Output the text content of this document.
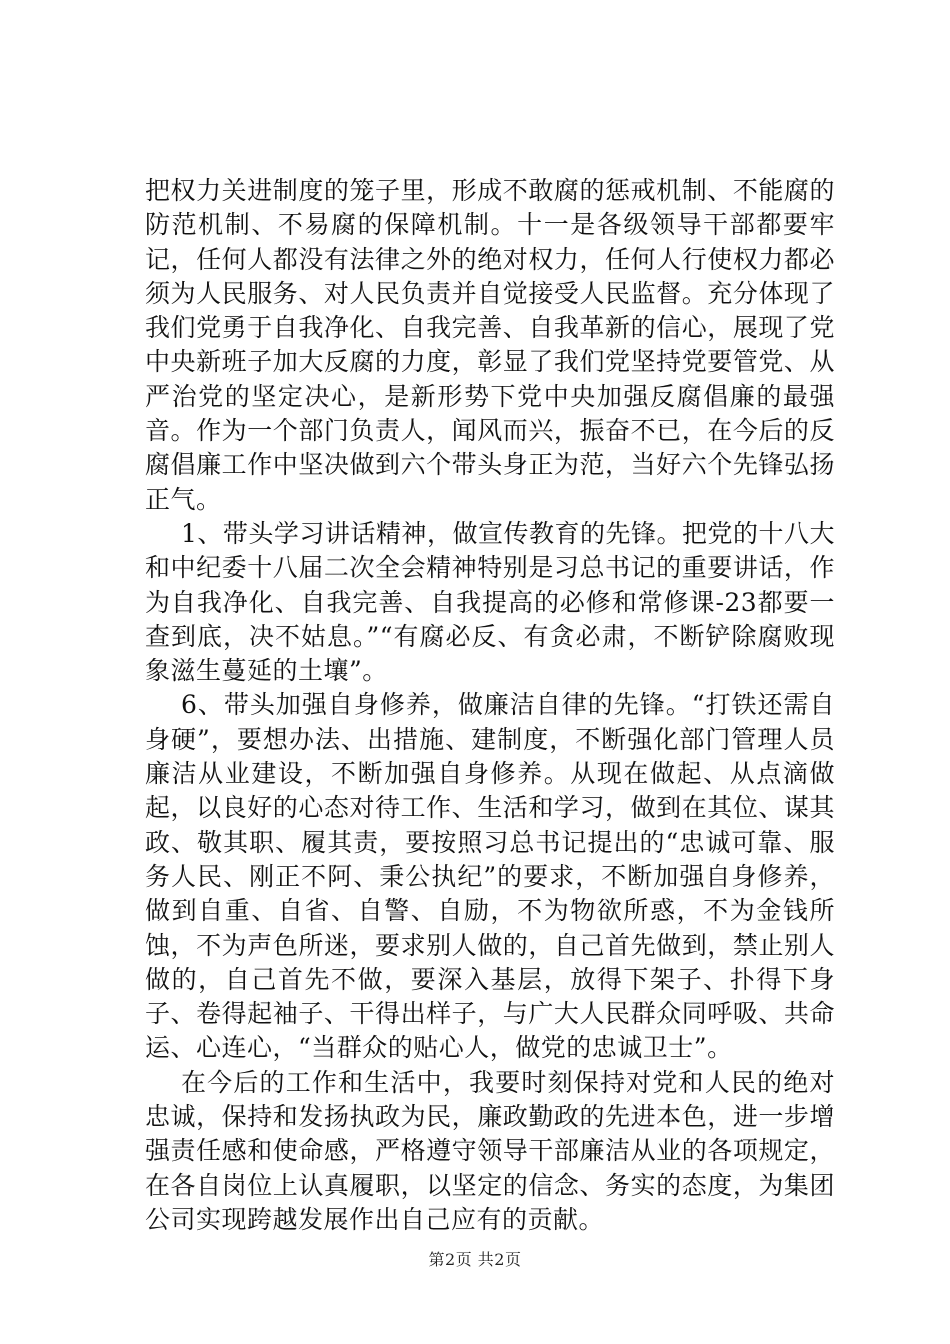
把权力关进制度的笼子里，形成不敢腐的惩戒机制、不能腐的防范机制、不易腐的保障机制。十一是各级领导干部都要牢记，任何人都没有法律之外的绝对权力，任何人行使权力都必须为人民服务、对人民负责并自觉接受人民监督。充分体现了我们党勇于自我净化、自我完善、自我革新的信心，展现了党中央新班子加大反腐的力度，彰显了我们党坚持党要管党、从严治党的坚定决心，是新形势下党中央加强反腐倡廉的最强音。作为一个部门负责人，闻风而兴，振奋不已，在今后的反腐倡廉工作中坚决做到六个带头身正为范，当好六个先锋弘扬正气。

1、带头学习讲话精神，做宣传教育的先锋。把党的十八大和中纪委十八届二次全会精神特别是习总书记的重要讲话，作为自我净化、自我完善、自我提高的必修和常修课-23都要一查到底，决不姑息。”“有腐必反、有贪必肃，不断铲除腐败现象滋生蔓延的土壤”。

6、带头加强自身修养，做廉洁自律的先锋。“打铁还需自身硬”，要想办法、出措施、建制度，不断强化部门管理人员廉洁从业建设，不断加强自身修养。从现在做起、从点滴做起，以良好的心态对待工作、生活和学习，做到在其位、谋其政、敬其职、履其责，要按照习总书记提出的“忠诚可靠、服务人民、刚正不阿、秉公执纪”的要求，不断加强自身修养，做到自重、自省、自警、自励，不为物欲所惑，不为金钱所蚀，不为声色所迷，要求别人做的，自己首先做到，禁止别人做的，自己首先不做，要深入基层，放得下架子、扑得下身子、卷得起袖子、干得出样子，与广大人民群众同呼吸、共命运、心连心，“当群众的贴心人，做党的忠诚卫士”。

在今后的工作和生活中，我要时刻保持对党和人民的绝对忠诚，保持和发扬执政为民，廉政勤政的先进本色，进一步增强责任感和使命感，严格遵守领导干部廉洁从业的各项规定，在各自岗位上认真履职，以坚定的信念、务实的态度，为集团公司实现跨越发展作出自己应有的贡献。

第2页 共2页
